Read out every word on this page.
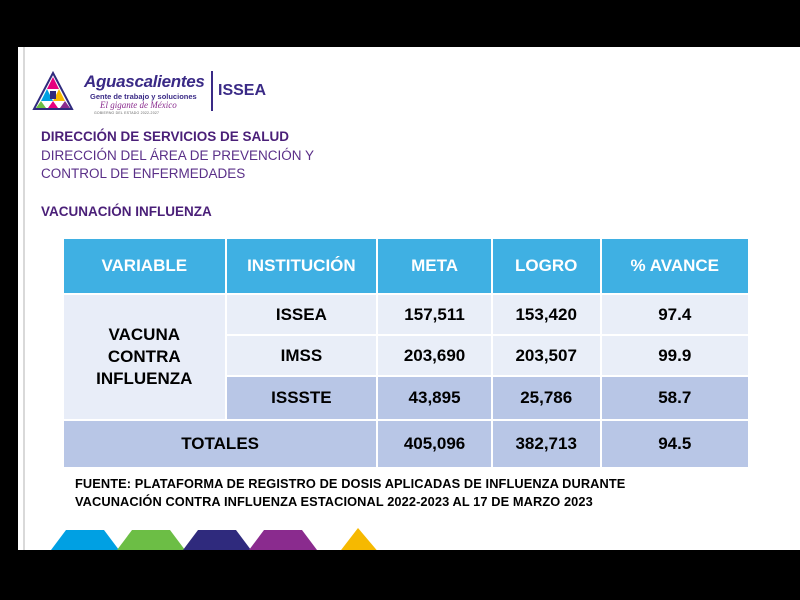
Aguascalientes
Gente de trabajo y soluciones
El gigante de México
GOBIERNO DEL ESTADO 2022-2027
ISSEA
DIRECCIÓN DE SERVICIOS DE SALUD
DIRECCIÓN DEL ÁREA DE PREVENCIÓN Y
CONTROL DE ENFERMEDADES
VACUNACIÓN INFLUENZA
VARIABLE	INSTITUCIÓN	META	LOGRO	% AVANCE

VACUNA
CONTRA
INFLUENZA	ISSEA	157,511	153,420	97.4
	IMSS	203,690	203,507	99.9
	ISSSTE	43,895	25,786	58.7
TOTALES		405,096	382,713	94.5
FUENTE: PLATAFORMA DE REGISTRO DE DOSIS APLICADAS DE INFLUENZA DURANTE
VACUNACIÓN CONTRA INFLUENZA ESTACIONAL 2022-2023 AL 17 DE MARZO 2023
